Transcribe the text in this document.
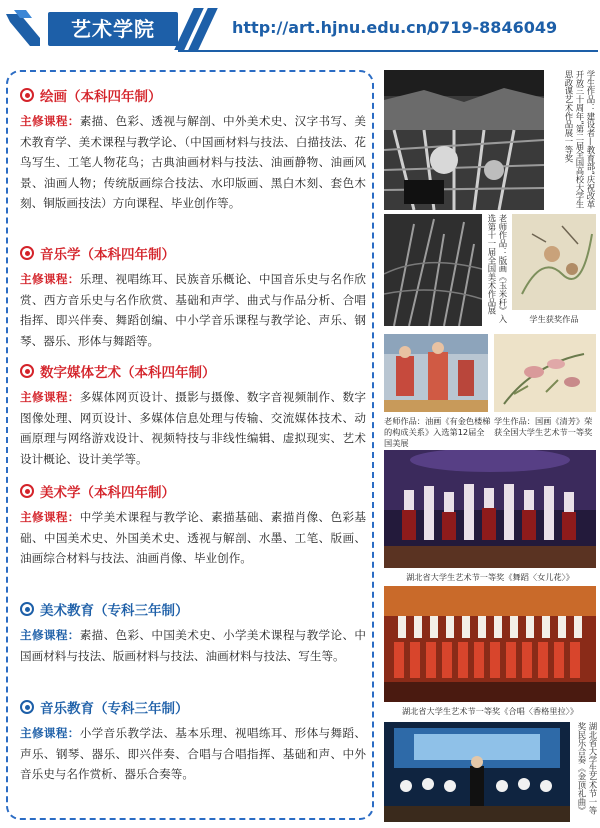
艺术学院	http://art.hjnu.edu.cn/
0719-8846049
绘画（本科四年制）
主修课程：素描、色彩、透视与解剖、中外美术史、汉字书写、美术教育学、美术课程与教学论、（中国画材料与技法、白描技法、花鸟写生、工笔人物花鸟；古典油画材料与技法、油画静物、油画风景、油画人物；传统版画综合技法、水印版画、黑白木刻、套色木刻、铜版画技法）方向课程、毕业创作等。
音乐学（本科四年制）
主修课程：乐理、视唱练耳、民族音乐概论、中国音乐史与名作欣赏、西方音乐史与名作欣赏、基础和声学、曲式与作品分析、合唱指挥、即兴伴奏、舞蹈创编、中小学音乐课程与教学论、声乐、钢琴、器乐、形体与舞蹈等。
数字媒体艺术（本科四年制）
主修课程：多媒体网页设计、摄影与摄像、数字音视频制作、数字图像处理、网页设计、多媒体信息处理与传输、交流媒体技术、动画原理与网络游戏设计、视频特技与非线性编辑、虚拟现实、艺术设计概论、设计美学等。
美术学（本科四年制）
主修课程：中学美术课程与教学论、素描基础、素描肖像、色彩基础、中国美术史、外国美术史、透视与解剖、水墨、工笔、版画、油画综合材料与技法、油画肖像、毕业创作。
美术教育（专科三年制）
主修课程：素描、色彩、中国美术史、小学美术课程与教学论、中国画材料与技法、版画材料与技法、油画材料与技法、写生等。
音乐教育（专科三年制）
主修课程：小学音乐教学法、基本乐理、视唱练耳、形体与舞蹈、声乐、钢琴、器乐、即兴伴奏、合唱与合唱指挥、基础和声、中外音乐史与名作赏析、器乐合奏等。
学生作品：建设者—教育部“庆祝改革开放三十周年”第二届全国高校大学生思政课艺术作品展一等奖
老师作品：版画《玉米秆》入选第十一届全国美术作品展
学生获奖作品
老师作品：油画《有金色楼梯的构成关系》入选第12届全国美展
学生作品：国画《清芳》荣获全国大学生艺术节一等奖
湖北省大学生艺术节一等奖《舞蹈〈女儿花〉》
湖北省大学生艺术节一等奖《合唱〈香格里拉〉》
湖北省大学生艺术节一等奖民乐合奏《金顶礼曲》
